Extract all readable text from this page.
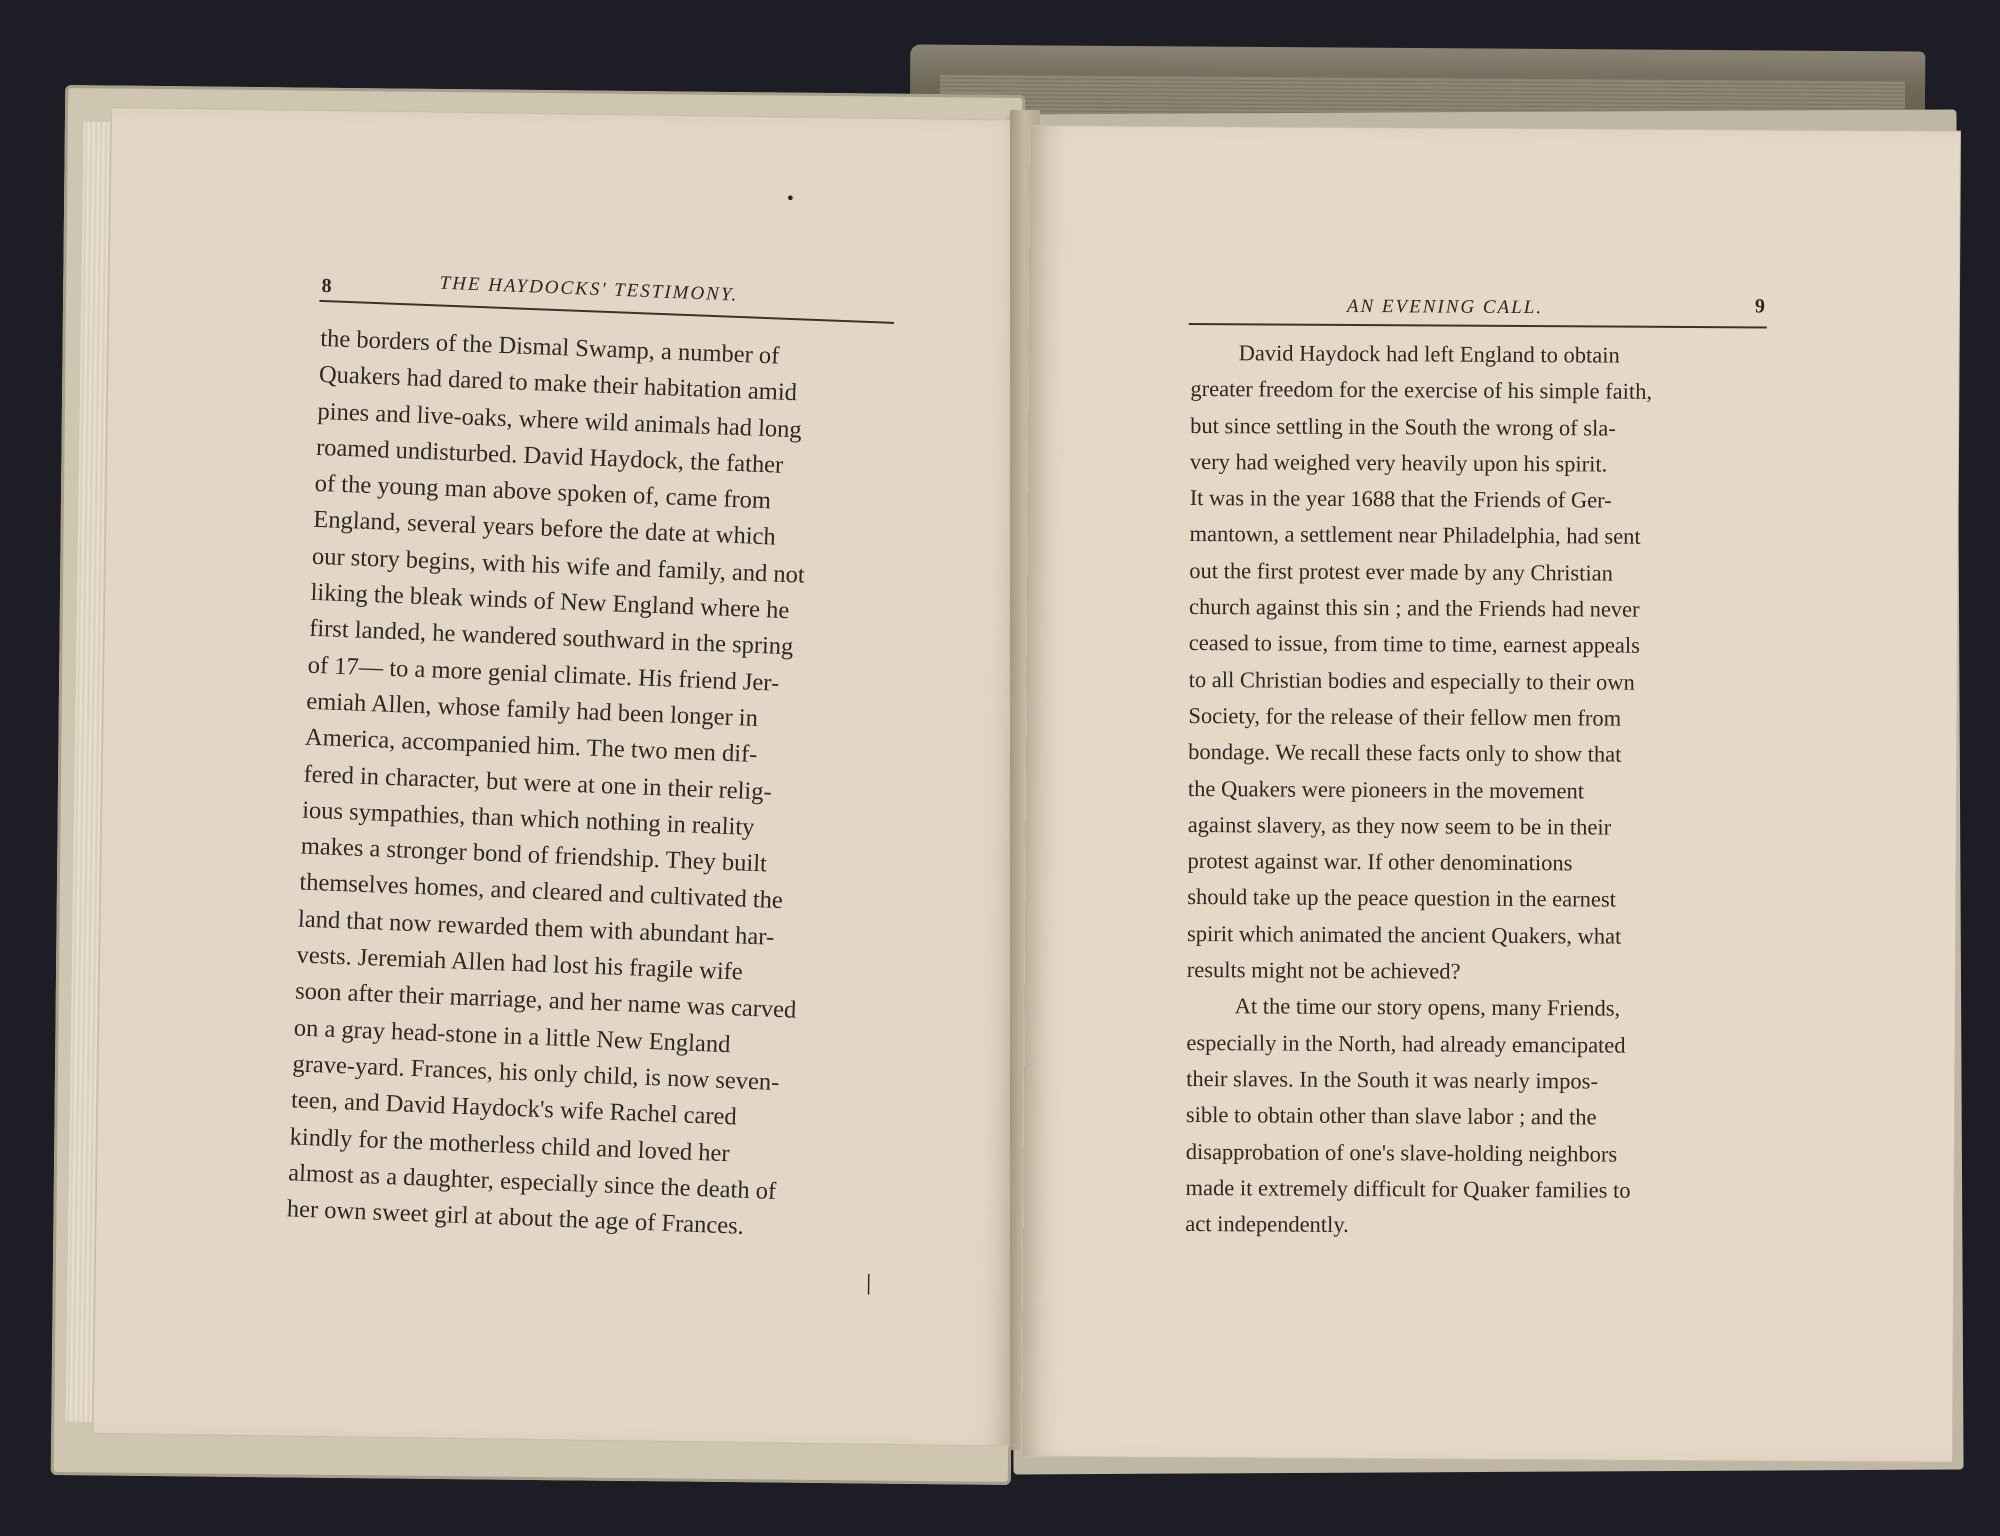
•
8	THE HAYDOCKS' TESTIMONY.
the borders of the Dismal Swamp, a number of
Quakers had dared to make their habitation amid
pines and live-oaks, where wild animals had long
roamed undisturbed. David Haydock, the father
of the young man above spoken of, came from
England, several years before the date at which
our story begins, with his wife and family, and not
liking the bleak winds of New England where he
first landed, he wandered southward in the spring
of 17— to a more genial climate. His friend Jer-
emiah Allen, whose family had been longer in
America, accompanied him. The two men dif-
fered in character, but were at one in their relig-
ious sympathies, than which nothing in reality
makes a stronger bond of friendship. They built
themselves homes, and cleared and cultivated the
land that now rewarded them with abundant har-
vests. Jeremiah Allen had lost his fragile wife
soon after their marriage, and her name was carved
on a gray head-stone in a little New England
grave-yard. Frances, his only child, is now seven-
teen, and David Haydock's wife Rachel cared
kindly for the motherless child and loved her
almost as a daughter, especially since the death of
her own sweet girl at about the age of Frances.
ǀ
AN EVENING CALL.	9
David Haydock had left England to obtain
greater freedom for the exercise of his simple faith,
but since settling in the South the wrong of sla-
very had weighed very heavily upon his spirit.
It was in the year 1688 that the Friends of Ger-
mantown, a settlement near Philadelphia, had sent
out the first protest ever made by any Christian
church against this sin ; and the Friends had never
ceased to issue, from time to time, earnest appeals
to all Christian bodies and especially to their own
Society, for the release of their fellow men from
bondage. We recall these facts only to show that
the Quakers were pioneers in the movement
against slavery, as they now seem to be in their
protest against war. If other denominations
should take up the peace question in the earnest
spirit which animated the ancient Quakers, what
results might not be achieved?
At the time our story opens, many Friends,
especially in the North, had already emancipated
their slaves. In the South it was nearly impos-
sible to obtain other than slave labor ; and the
disapprobation of one's slave-holding neighbors
made it extremely difficult for Quaker families to
act independently.
